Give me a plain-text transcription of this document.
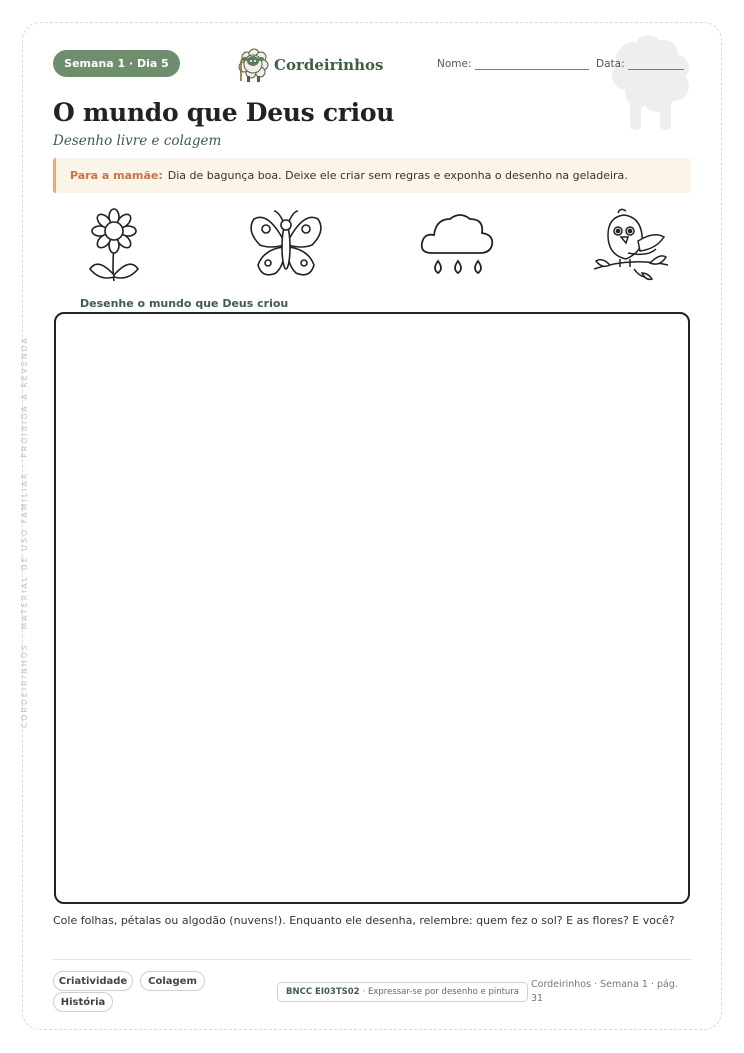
CORDEIRINHOS · MATERIAL DE USO FAMILIAR · PROIBIDA A REVENDA
Semana 1 · Dia 5	Cordeirinhos	Nome:	Data:
O mundo que Deus criou
Desenho livre e colagem
Para a mamãe: Dia de bagunça boa. Deixe ele criar sem regras e exponha o desenho na geladeira.
Desenhe o mundo que Deus criou
Cole folhas, pétalas ou algodão (nuvens!). Enquanto ele desenha, relembre: quem fez o sol? E as flores? E você?
Criatividade	Colagem
História
BNCC EI03TS02 · Expressar-se por desenho e pintura
Cordeirinhos · Semana 1 · pág. 31
